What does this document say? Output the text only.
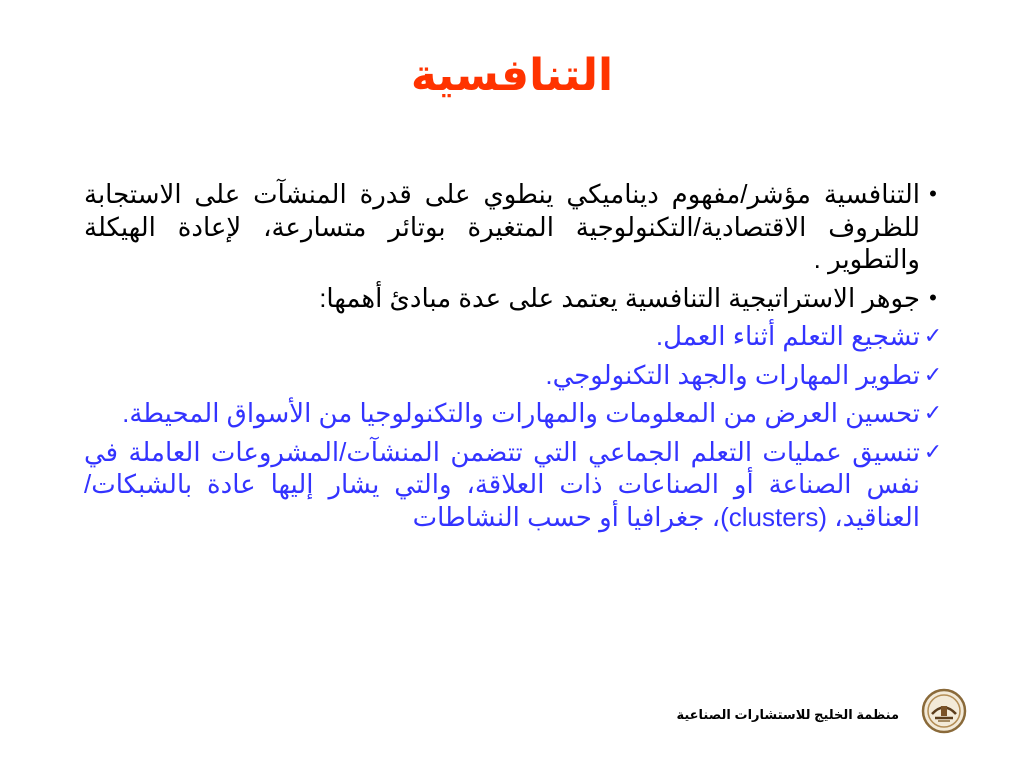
التنافسية
•
التنافسية مؤشر/مفهوم ديناميكي ينطوي على قدرة المنشآت على الاستجابة للظروف الاقتصادية/التكنولوجية المتغيرة بوتائر متسارعة، لإعادة الهيكلة والتطوير .
•
جوهر الاستراتيجية التنافسية يعتمد على عدة مبادئ أهمها:
✓
تشجيع التعلم أثناء العمل.
✓
تطوير المهارات والجهد التكنولوجي.
✓
تحسين العرض من المعلومات والمهارات والتكنولوجيا من الأسواق المحيطة.
✓
تنسيق عمليات التعلم الجماعي التي تتضمن المنشآت/المشروعات العاملة في نفس الصناعة أو الصناعات ذات العلاقة، والتي يشار إليها عادة بالشبكات/العناقيد، (clusters)، جغرافيا أو حسب النشاطات
منظمة الخليج للاستشارات الصناعية
